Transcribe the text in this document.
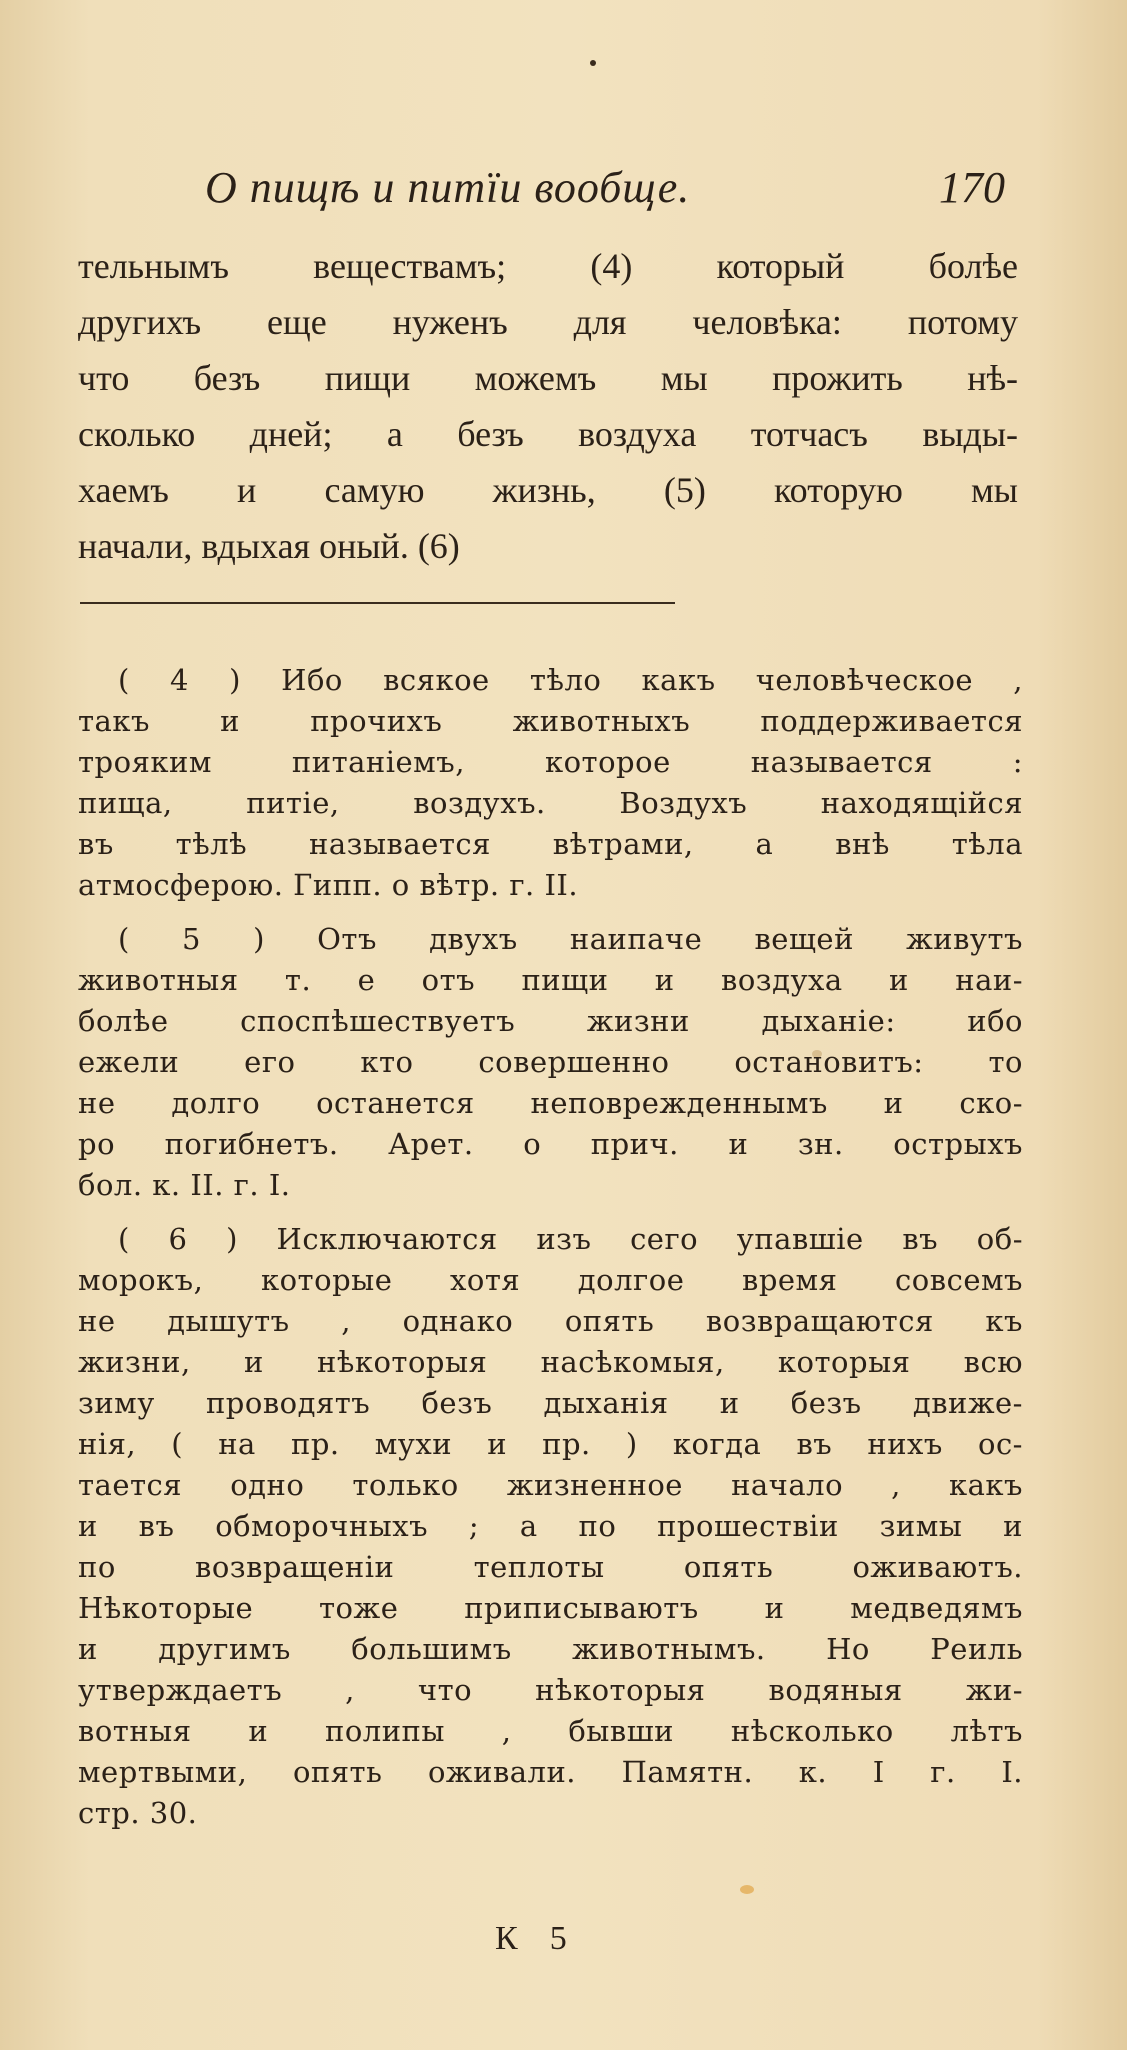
О пищѣ и питїи вообще.	170
тельнымъ веществамъ; (4) который болѣе
другихъ еще нуженъ для человѣка: потому
что безъ пищи можемъ мы прожить нѣ-
сколько дней; а безъ воздуха тотчасъ выды-
хаемъ и самую жизнь, (5) которую мы
начали, вдыхая оный. (6)
( 4 ) Ибо всякое тѣло какъ человѣческое ,
такъ и прочихъ животныхъ поддерживается
трояким питаніемъ, которое называется :
пища, питіе, воздухъ. Воздухъ находящійся
въ тѣлѣ называется вѣтрами, а внѣ тѣла
атмосферою. Гипп. о вѣтр. г. II.
( 5 ) Отъ двухъ наипаче вещей живутъ
животныя т. е отъ пищи и воздуха и наи-
болѣе споспѣшествуетъ жизни дыханіе: ибо
ежели его кто совершенно остановитъ: то
не долго останется неповрежденнымъ и ско-
ро погибнетъ. Арет. о прич. и зн. острыхъ
бол. к. II. г. I.
( 6 ) Исключаются изъ сего упавшіе въ об-
морокъ, которые хотя долгое время совсемъ
не дышутъ , однако опять возвращаются къ
жизни, и нѣкоторыя насѣкомыя, которыя всю
зиму проводятъ безъ дыханія и безъ движе-
нія, ( на пр. мухи и пр. ) когда въ нихъ ос-
тается одно только жизненное начало , какъ
и въ обморочныхъ ; а по прошествіи зимы и
по возвращеніи теплоты опять оживаютъ.
Нѣкоторые тоже приписываютъ и медведямъ
и другимъ большимъ животнымъ. Но Реиль
утверждаетъ , что нѣкоторыя водяныя жи-
вотныя и полипы , бывши нѣсколько лѣтъ
мертвыми, опять оживали. Памятн. к. I г. I.
стр. 30.
К 5
